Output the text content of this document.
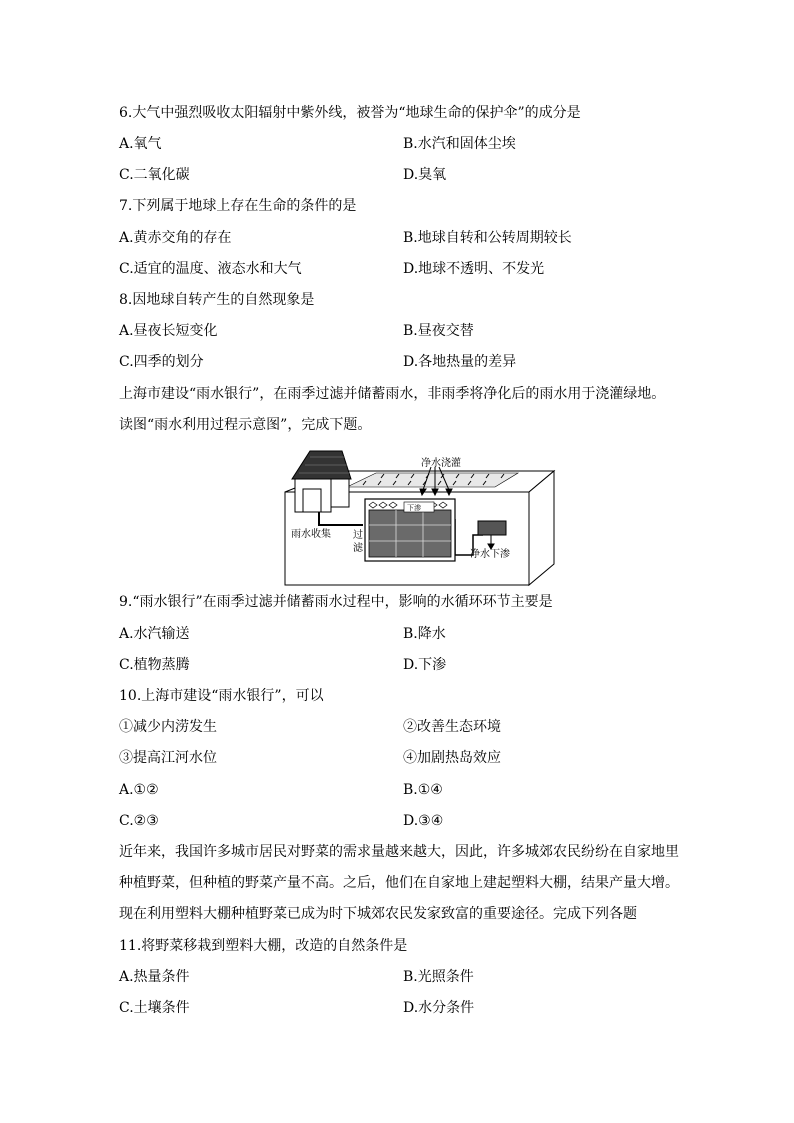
6.大气中强烈吸收太阳辐射中紫外线，被誉为“地球生命的保护伞”的成分是
A.氧气	B.水汽和固体尘埃
C.二氧化碳	D.臭氧
7.下列属于地球上存在生命的条件的是
A.黄赤交角的存在	B.地球自转和公转周期较长
C.适宜的温度、液态水和大气	D.地球不透明、不发光
8.因地球自转产生的自然现象是
A.昼夜长短变化	B.昼夜交替
C.四季的划分	D.各地热量的差异
上海市建设“雨水银行”，在雨季过滤并储蓄雨水，非雨季将净化后的雨水用于浇灌绿地。
读图“雨水利用过程示意图”，完成下题。
净水浇灌
雨水收集 过
滤
下渗
净水下渗
9.“雨水银行”在雨季过滤并储蓄雨水过程中，影响的水循环环节主要是
A.水汽输送	B.降水
C.植物蒸腾	D.下渗
10.上海市建设“雨水银行”，可以
①减少内涝发生	②改善生态环境
③提高江河水位	④加剧热岛效应
A.①②	B.①④
C.②③	D.③④
近年来，我国许多城市居民对野菜的需求量越来越大，因此，许多城郊农民纷纷在自家地里
种植野菜，但种植的野菜产量不高。之后，他们在自家地上建起塑料大棚，结果产量大增。
现在利用塑料大棚种植野菜已成为时下城郊农民发家致富的重要途径。完成下列各题
11.将野菜移栽到塑料大棚，改造的自然条件是
A.热量条件	B.光照条件
C.土壤条件	D.水分条件
